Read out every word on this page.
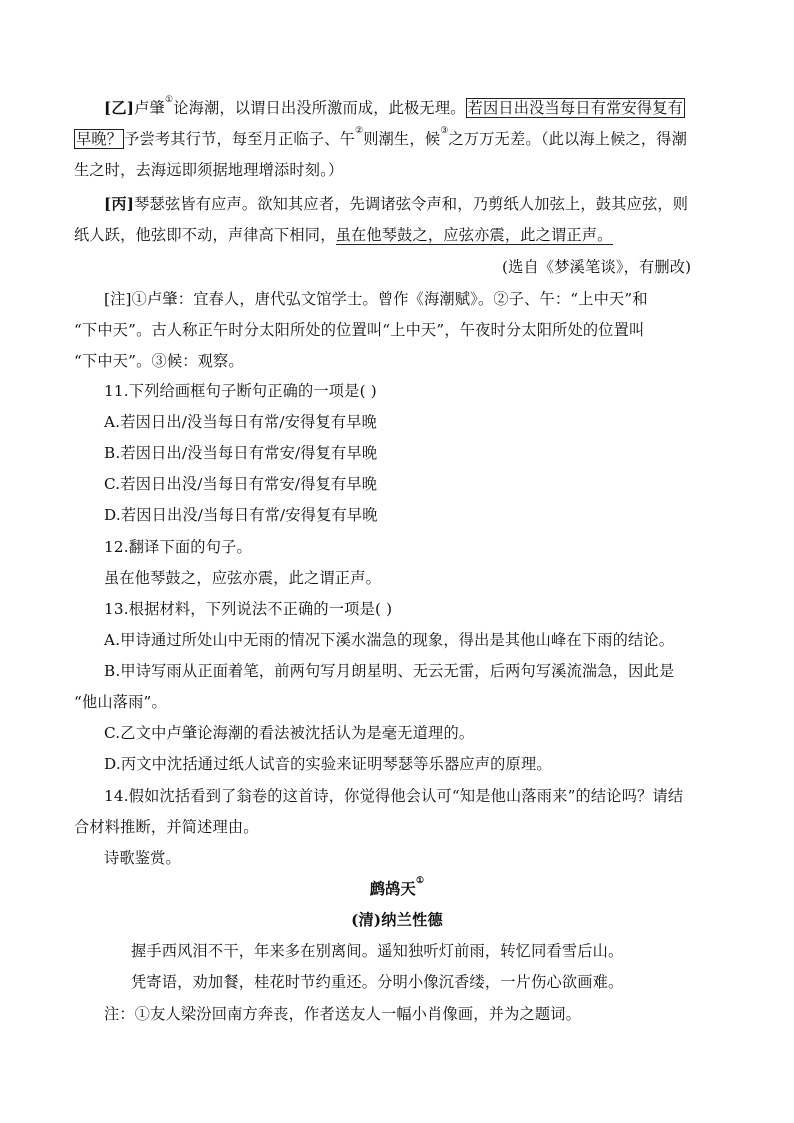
[乙]卢肇①论海潮，以谓日出没所激而成，此极无理。 若因日出没当每日有常安得复有
早晚？ 予尝考其行节，每至月正临子、午②则潮生，候③之万万无差。（此以海上候之，得潮
生之时，去海远即须据地理增添时刻。）
[丙]琴瑟弦皆有应声。欲知其应者，先调诸弦令声和，乃剪纸人加弦上，鼓其应弦，则
纸人跃，他弦即不动，声律高下相同，虽在他琴鼓之，应弦亦震，此之谓正声。
(选自《梦溪笔谈》，有删改)
[注]①卢肇：宜春人，唐代弘文馆学士。曾作《海潮赋》。②子、午：“上中天”和
“下中天”。古人称正午时分太阳所处的位置叫“上中天”，午夜时分太阳所处的位置叫
“下中天”。③候：观察。
11.下列给画框句子断句正确的一项是( )
A.若因日出/没当每日有常/安得复有早晚
B.若因日出/没当每日有常安/得复有早晚
C.若因日出没/当每日有常安/得复有早晚
D.若因日出没/当每日有常/安得复有早晚
12.翻译下面的句子。
虽在他琴鼓之，应弦亦震，此之谓正声。
13.根据材料，下列说法不正确的一项是( )
A.甲诗通过所处山中无雨的情况下溪水湍急的现象，得出是其他山峰在下雨的结论。
B.甲诗写雨从正面着笔，前两句写月朗星明、无云无雷，后两句写溪流湍急，因此是
“他山落雨”。
C.乙文中卢肇论海潮的看法被沈括认为是毫无道理的。
D.丙文中沈括通过纸人试音的实验来证明琴瑟等乐器应声的原理。
14.假如沈括看到了翁卷的这首诗，你觉得他会认可“知是他山落雨来”的结论吗？请结
合材料推断，并简述理由。
诗歌鉴赏。
鹧鸪天①
(清)纳兰性德
握手西风泪不干，年来多在别离间。遥知独听灯前雨，转忆同看雪后山。
凭寄语，劝加餐，桂花时节约重还。分明小像沉香缕，一片伤心欲画难。
注：①友人梁汾回南方奔丧，作者送友人一幅小肖像画，并为之题词。
